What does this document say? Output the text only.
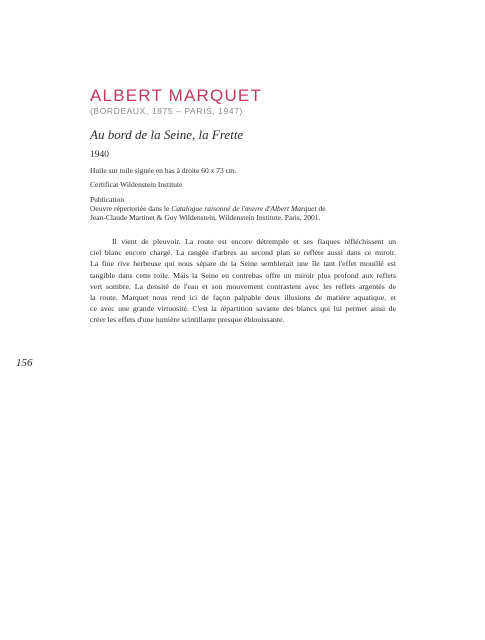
ALBERT MARQUET
(BORDEAUX, 1875 – PARIS, 1947)
Au bord de la Seine, la Frette
1940
Huile sur toile signée en bas à droite 60 x 73 cm.
Certificat Wildenstein Institute
Publication
Oeuvre répertoriée dans le Catalogue raisonné de l'œuvre d'Albert Marquet de
Jean-Claude Martinet & Guy Wildenstein, Wildenstein Institute, Paris, 2001.
Il vient de pleuvoir. La route est encore détrempée et ses flaques réfléchissent un
ciel blanc encore chargé. La rangée d'arbres au second plan se reflète aussi dans ce miroir.
La fine rive herbeuse qui nous sépare de la Seine semblerait une île tant l'effet mouillé est
tangible dans cette toile. Mais la Seine en contrebas offre un miroir plus profond aux reflets
vert sombre. La densité de l'eau et son mouvement contrastent avec les reflets argentés de
la route. Marquet nous rend ici de façon palpable deux illusions de matière aquatique, et
ce avec une grande virtuosité. C'est la répartition savante des blancs qui lui permet ainsi de
créer les effets d'une lumière scintillante presque éblouissante.
156
